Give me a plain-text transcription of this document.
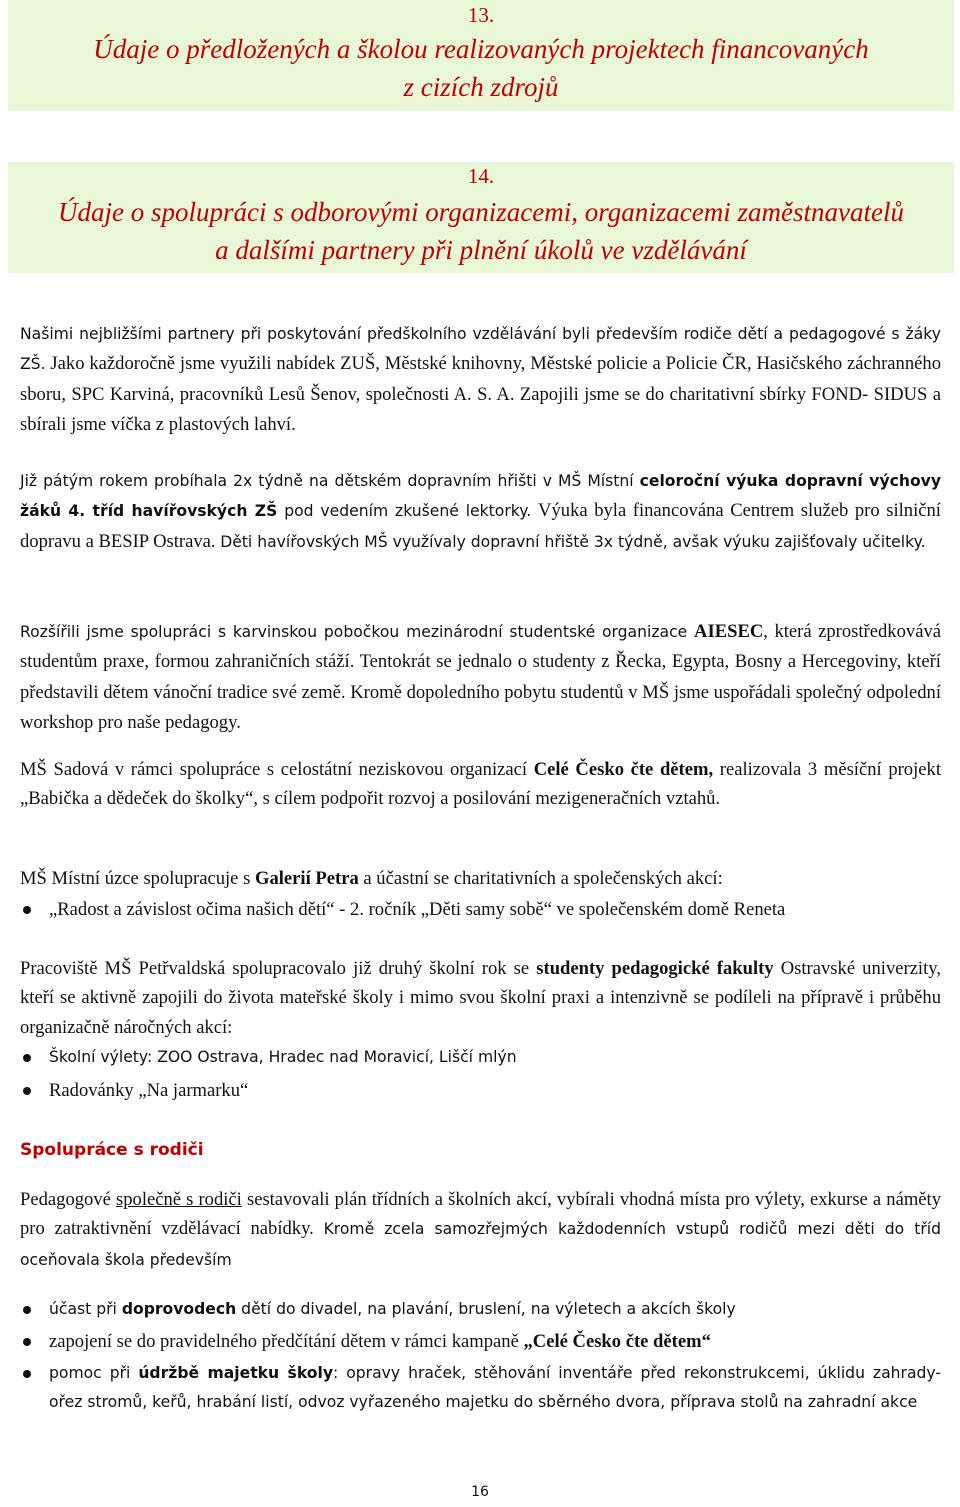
13.
Údaje o předložených a školou realizovaných projektech financovaných
z cizích zdrojů
14.
Údaje o spolupráci s odborovými organizacemi, organizacemi zaměstnavatelů
a dalšími partnery při plnění úkolů ve vzdělávání

Našimi nejbližšími partnery při poskytování předškolního vzdělávání byli především rodiče dětí a pedagogové s žáky ZŠ. Jako každoročně jsme využili nabídek ZUŠ, Městské knihovny, Městské policie a Policie ČR, Hasičského záchranného sboru, SPC Karviná, pracovníků Lesů Šenov, společnosti A. S. A. Zapojili jsme se do charitativní sbírky FOND- SIDUS a sbírali jsme víčka z plastových lahví.

Již pátým rokem probíhala 2x týdně na dětském dopravním hřišti v MŠ Místní celoroční výuka dopravní výchovy žáků 4. tříd havířovských ZŠ pod vedením zkušené lektorky. Výuka byla financována Centrem služeb pro silniční dopravu a BESIP Ostrava. Děti havířovských MŠ využívaly dopravní hřiště 3x týdně, avšak výuku zajišťovaly učitelky.

Rozšířili jsme spolupráci s karvinskou pobočkou mezinárodní studentské organizace AIESEC, která zprostředkovává studentům praxe, formou zahraničních stáží. Tentokrát se jednalo o studenty z Řecka, Egypta, Bosny a Hercegoviny, kteří představili dětem vánoční tradice své země. Kromě dopoledního pobytu studentů v MŠ jsme uspořádali společný odpolední workshop pro naše pedagogy.

MŠ Sadová v rámci spolupráce s celostátní neziskovou organizací Celé Česko čte dětem, realizovala 3 měsíční projekt „Babička a dědeček do školky“, s cílem podpořit rozvoj a posilování mezigeneračních vztahů.

MŠ Místní úzce spolupracuje s Galerií Petra a účastní se charitativních a společenských akcí:

„Radost a závislost očima našich dětí“ - 2. ročník „Děti samy sobě“ ve společenském domě Reneta

Pracoviště MŠ Petřvaldská spolupracovalo již druhý školní rok se studenty pedagogické fakulty Ostravské univerzity, kteří se aktivně zapojili do života mateřské školy i mimo svou školní praxi a intenzivně se podíleli na přípravě i průběhu organizačně náročných akcí:

Školní výlety: ZOO Ostrava, Hradec nad Moravicí, Liščí mlýn
Radovánky „Na jarmarku“
Spolupráce s rodiči

Pedagogové společně s rodiči sestavovali plán třídních a školních akcí, vybírali vhodná místa pro výlety, exkurse a náměty pro zatraktivnění vzdělávací nabídky. Kromě zcela samozřejmých každodenních vstupů rodičů mezi děti do tříd oceňovala škola především

účast při doprovodech dětí do divadel, na plavání, bruslení, na výletech a akcích školy
zapojení se do pravidelného předčítání dětem v rámci kampaně „Celé Česko čte dětem“
pomoc při údržbě majetku školy: opravy hraček, stěhování inventáře před rekonstrukcemi, úklidu zahrady- ořez stromů, keřů, hrabání listí, odvoz vyřazeného majetku do sběrného dvora, příprava stolů na zahradní akce
16
